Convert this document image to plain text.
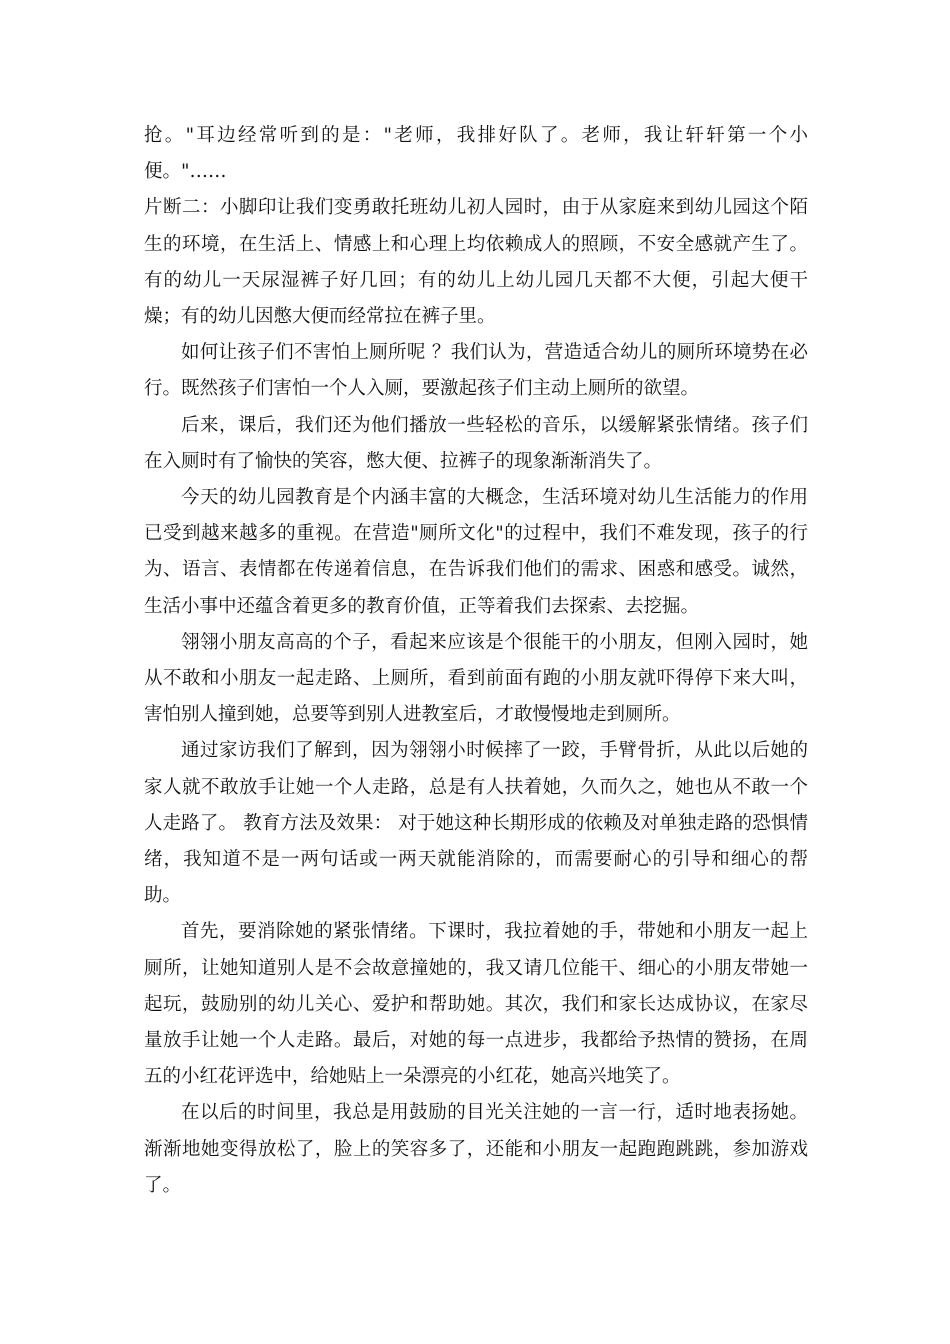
抢。"耳边经常听到的是："老师，我排好队了。老师，我让轩轩第一个小便。"……

片断二：小脚印让我们变勇敢托班幼儿初人园时，由于从家庭来到幼儿园这个陌生的环境，在生活上、情感上和心理上均依赖成人的照顾，不安全感就产生了。有的幼儿一天尿湿裤子好几回；有的幼儿上幼儿园几天都不大便，引起大便干燥；有的幼儿因憋大便而经常拉在裤子里。

如何让孩子们不害怕上厕所呢 ？我们认为，营造适合幼儿的厕所环境势在必行。既然孩子们害怕一个人入厕，要激起孩子们主动上厕所的欲望。

后来，课后，我们还为他们播放一些轻松的音乐，以缓解紧张情绪。孩子们在入厕时有了愉快的笑容，憋大便、拉裤子的现象渐渐消失了。

今天的幼儿园教育是个内涵丰富的大概念，生活环境对幼儿生活能力的作用已受到越来越多的重视。在营造"厕所文化"的过程中，我们不难发现，孩子的行为、语言、表情都在传递着信息，在告诉我们他们的需求、困惑和感受。诚然，生活小事中还蕴含着更多的教育价值，正等着我们去探索、去挖掘。

翎翎小朋友高高的个子，看起来应该是个很能干的小朋友，但刚入园时，她从不敢和小朋友一起走路、上厕所，看到前面有跑的小朋友就吓得停下来大叫，害怕别人撞到她，总要等到别人进教室后，才敢慢慢地走到厕所。

通过家访我们了解到，因为翎翎小时候摔了一跤，手臂骨折，从此以后她的家人就不敢放手让她一个人走路，总是有人扶着她，久而久之，她也从不敢一个人走路了。 教育方法及效果： 对于她这种长期形成的依赖及对单独走路的恐惧情绪，我知道不是一两句话或一两天就能消除的，而需要耐心的引导和细心的帮助。

首先，要消除她的紧张情绪。下课时，我拉着她的手，带她和小朋友一起上厕所，让她知道别人是不会故意撞她的，我又请几位能干、细心的小朋友带她一起玩，鼓励别的幼儿关心、爱护和帮助她。其次，我们和家长达成协议，在家尽量放手让她一个人走路。最后，对她的每一点进步，我都给予热情的赞扬，在周五的小红花评选中，给她贴上一朵漂亮的小红花，她高兴地笑了。

在以后的时间里，我总是用鼓励的目光关注她的一言一行，适时地表扬她。渐渐地她变得放松了，脸上的笑容多了，还能和小朋友一起跑跑跳跳，参加游戏了。
